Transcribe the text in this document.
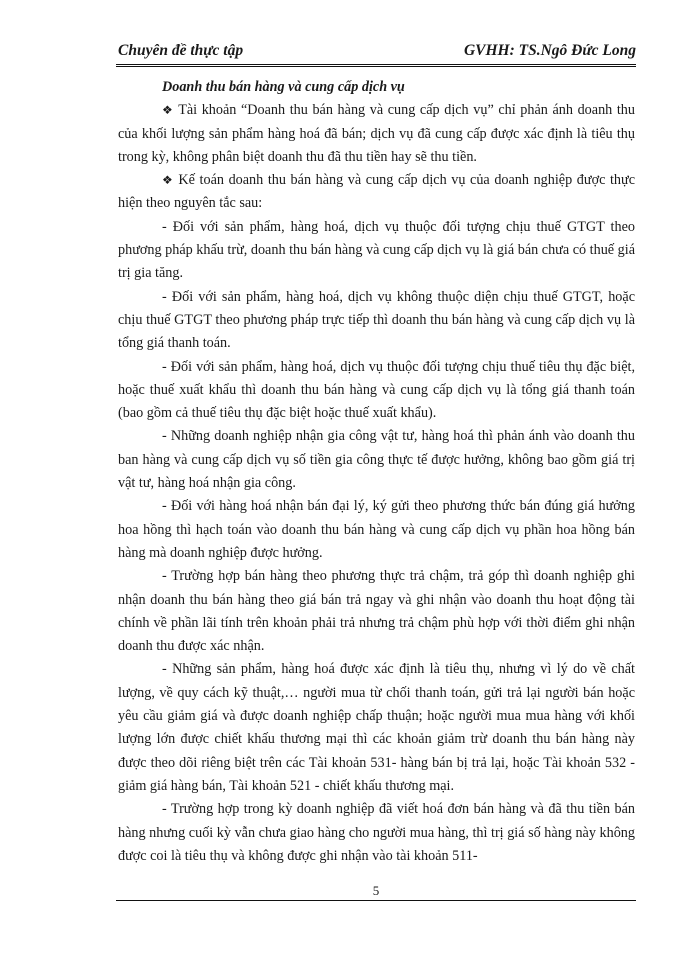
Chuyên đề thực tập	GVHH: TS.Ngô Đức Long

Doanh thu bán hàng và cung cấp dịch vụ

❖ Tài khoản “Doanh thu bán hàng và cung cấp dịch vụ” chỉ phản ánh doanh thu của khối lượng sản phẩm hàng hoá đã bán; dịch vụ đã cung cấp được xác định là tiêu thụ trong kỳ, không phân biệt doanh thu đã thu tiền hay sẽ thu tiền.

❖ Kế toán doanh thu bán hàng và cung cấp dịch vụ của doanh nghiệp được thực hiện theo nguyên tắc sau:

- Đối với sản phẩm, hàng hoá, dịch vụ thuộc đối tượng chịu thuế GTGT theo phương pháp khấu trừ, doanh thu bán hàng và cung cấp dịch vụ là giá bán chưa có thuế giá trị gia tăng.

- Đối với sản phẩm, hàng hoá, dịch vụ không thuộc diện chịu thuế GTGT, hoặc chịu thuế GTGT theo phương pháp trực tiếp thì doanh thu bán hàng và cung cấp dịch vụ là tổng giá thanh toán.

- Đối với sản phẩm, hàng hoá, dịch vụ thuộc đối tượng chịu thuế tiêu thụ đặc biệt, hoặc thuế xuất khẩu thì doanh thu bán hàng và cung cấp dịch vụ là tổng giá thanh toán (bao gồm cả thuế tiêu thụ đặc biệt hoặc thuế xuất khẩu).

- Những doanh nghiệp nhận gia công vật tư, hàng hoá thì phản ánh vào doanh thu ban hàng và cung cấp dịch vụ số tiền gia công thực tế được hưởng, không bao gồm giá trị vật tư, hàng hoá nhận gia công.

- Đối với hàng hoá nhận bán đại lý, ký gửi theo phương thức bán đúng giá hưởng hoa hồng thì hạch toán vào doanh thu bán hàng và cung cấp dịch vụ phần hoa hồng bán hàng mà doanh nghiệp được hưởng.

- Trường hợp bán hàng theo phương thực trả chậm, trả góp thì doanh nghiệp ghi nhận doanh thu bán hàng theo giá bán trả ngay và ghi nhận vào doanh thu hoạt động tài chính về phần lãi tính trên khoản phải trả nhưng trả chậm phù hợp với thời điểm ghi nhận doanh thu được xác nhận.

- Những sản phẩm, hàng hoá được xác định là tiêu thụ, nhưng vì lý do về chất lượng, về quy cách kỹ thuật,… người mua từ chối thanh toán, gửi trả lại người bán hoặc yêu cầu giảm giá và được doanh nghiệp chấp thuận; hoặc người mua mua hàng với khối lượng lớn được chiết khấu thương mại thì các khoản giảm trừ doanh thu bán hàng này được theo dõi riêng biệt trên các Tài khoản 531- hàng bán bị trả lại, hoặc Tài khoản 532 - giảm giá hàng bán, Tài khoản 521 - chiết khấu thương mại.

- Trường hợp trong kỳ doanh nghiệp đã viết hoá đơn bán hàng và đã thu tiền bán hàng nhưng cuối kỳ vẫn chưa giao hàng cho người mua hàng, thì trị giá số hàng này không được coi là tiêu thụ và không được ghi nhận vào tài khoản 511-

5
